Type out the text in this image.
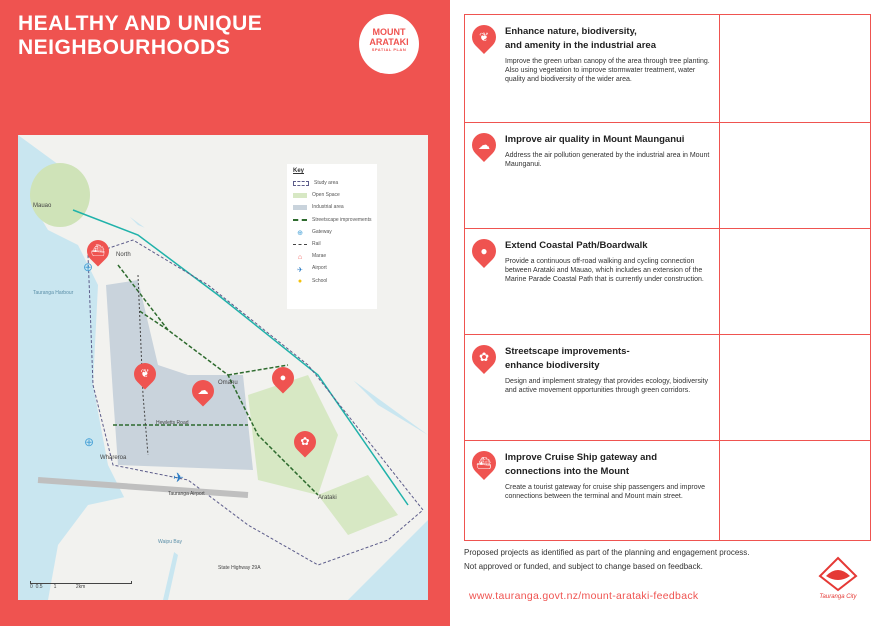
HEALTHY AND UNIQUE
NEIGHBOURHOODS
MOUNT
ARATAKI
SPATIAL PLAN
Key
Study area
Open Space
Industrial area
Streetscape improvements
⊕	Gateway
Rail
⌂	Marae
✈	Airport
●	School
Mauao
North
Tauranga Harbour
Omanu
Hewletts Road
Whareroa
Tauranga Airport
Waipu Bay
Arataki
State Highway 29A
⛴
❦
☁
●
✿
⊕
⊕
✈
0 0.5 1	2km
❦	Enhance nature, biodiversity,
and amenity in the industrial area
Improve the green urban canopy of the area through tree planting. Also using vegetation to improve stormwater treatment, water quality and biodiversity of the wider area.
☁	Improve air quality in Mount Maunganui
Address the air pollution generated by the industrial area in Mount Maunganui.
●	Extend Coastal Path/Boardwalk
Provide a continuous off-road walking and cycling connection between Arataki and Mauao, which includes an extension of the Marine Parade Coastal Path that is currently under construction.
✿	Streetscape improvements-
enhance biodiversity
Design and implement strategy that provides ecology, biodiversity and active movement opportunities through green corridors.
⛴	Improve Cruise Ship gateway and
connections into the Mount
Create a tourist gateway for cruise ship passengers and improve connections between the terminal and Mount main street.
Proposed projects as identified as part of the planning and engagement process.
Not approved or funded, and subject to change based on feedback.
www.tauranga.govt.nz/mount-arataki-feedback	Tauranga City
